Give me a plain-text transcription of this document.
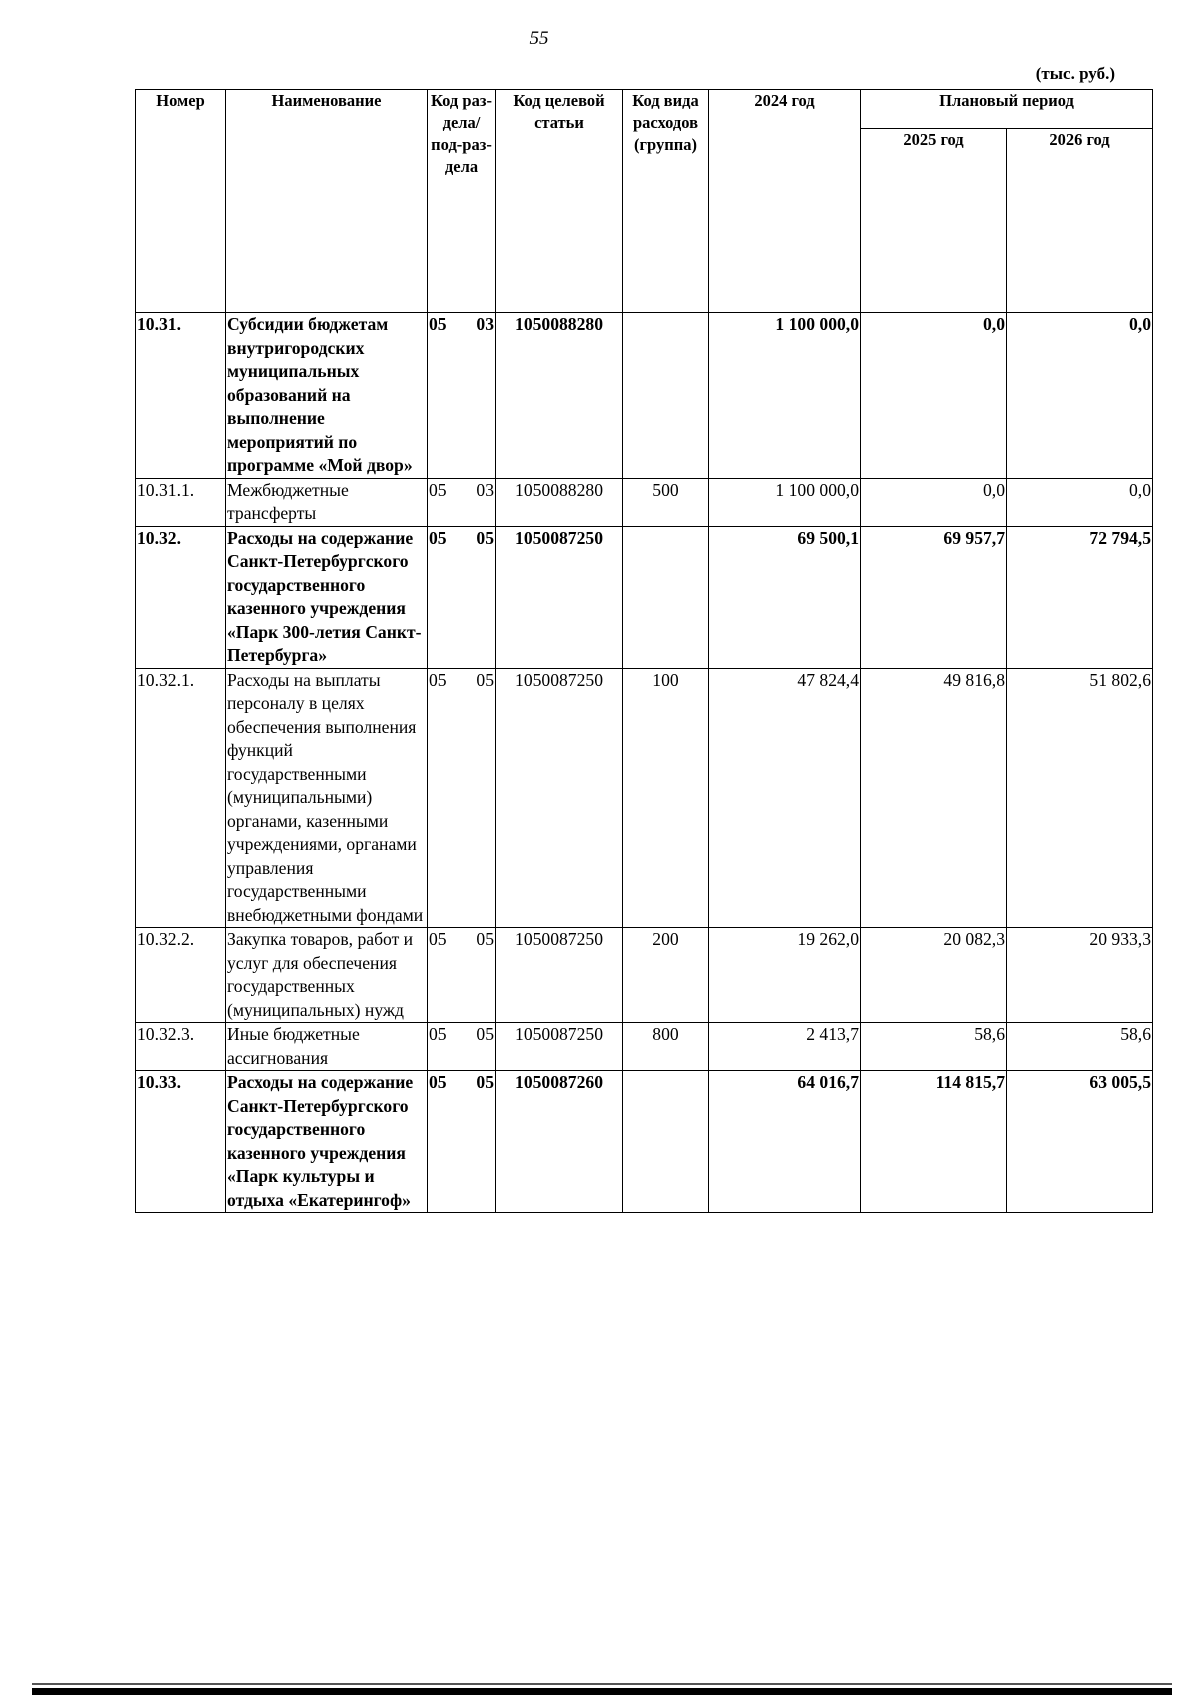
55
(тыс. руб.)
Номер	Наименование	Код раз-дела/ под-раз-дела	Код целевой статьи	Код вида расходов (группа)	2024 год	Плановый период	
						2025 год	2026 год
10.31.	Субсидии бюджетам внутригородских муниципальных образований на выполнение мероприятий по программе «Мой двор»	05 03	1050088280		1 100 000,0	0,0	0,0
10.31.1.	Межбюджетные трансферты	05 03	1050088280	500	1 100 000,0	0,0	0,0
10.32.	Расходы на содержание Санкт-Петербургского государственного казенного учреждения «Парк 300-летия Санкт-Петербурга»	05 05	1050087250		69 500,1	69 957,7	72 794,5
10.32.1.	Расходы на выплаты персоналу в целях обеспечения выполнения функций государственными (муниципальными) органами, казенными учреждениями, органами управления государственными внебюджетными фондами	05 05	1050087250	100	47 824,4	49 816,8	51 802,6
10.32.2.	Закупка товаров, работ и услуг для обеспечения государственных (муниципальных) нужд	05 05	1050087250	200	19 262,0	20 082,3	20 933,3
10.32.3.	Иные бюджетные ассигнования	05 05	1050087250	800	2 413,7	58,6	58,6
10.33.	Расходы на содержание Санкт-Петербургского государственного казенного учреждения «Парк культуры и отдыха «Екатерингоф»	05 05	1050087260		64 016,7	114 815,7	63 005,5
